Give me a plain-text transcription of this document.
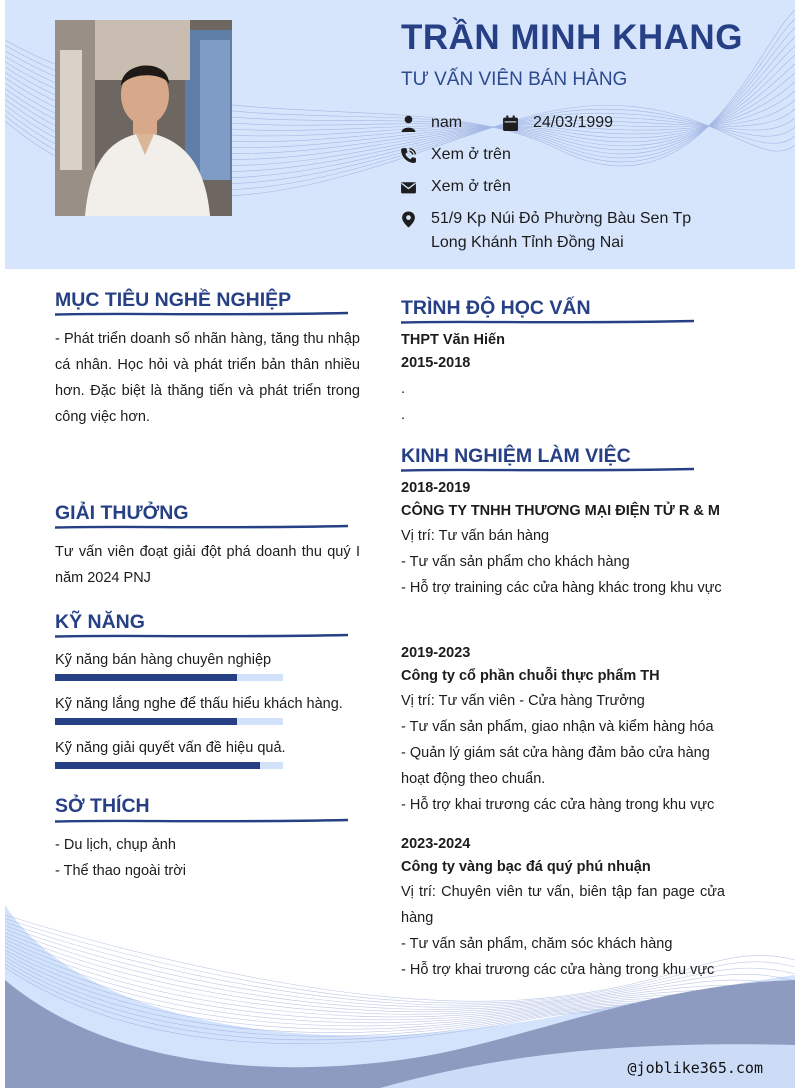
TRẦN MINH KHANG
TƯ VẤN VIÊN BÁN HÀNG
nam	24/03/1999
Xem ở trên
Xem ở trên
51/9 Kp Núi Đỏ Phường Bàu Sen Tp Long Khánh Tỉnh Đồng Nai
MỤC TIÊU NGHỀ NGHIỆP
- Phát triển doanh số nhãn hàng, tăng thu nhập cá nhân. Học hỏi và phát triển bản thân nhiều hơn. Đặc biệt là thăng tiến và phát triển trong công việc hơn.
GIẢI THƯỞNG
Tư vấn viên đoạt giải đột phá doanh thu quý I năm 2024 PNJ
KỸ NĂNG
Kỹ năng bán hàng chuyên nghiệp
Kỹ năng lắng nghe để thấu hiểu khách hàng.
Kỹ năng giải quyết vấn đề hiệu quả.
SỞ THÍCH
- Du lịch, chụp ảnh
- Thể thao ngoài trời
TRÌNH ĐỘ HỌC VẤN
THPT Văn Hiến
2015-2018
.
.
KINH NGHIỆM LÀM VIỆC
2018-2019
CÔNG TY TNHH THƯƠNG MẠI ĐIỆN TỬ R & M
Vị trí: Tư vấn bán hàng
- Tư vấn sản phẩm cho khách hàng
- Hỗ trợ training các cửa hàng khác trong khu vực
2019-2023
Công ty cổ phần chuỗi thực phẩm TH
Vị trí: Tư vấn viên - Cửa hàng Trưởng
- Tư vấn sản phẩm, giao nhận và kiểm hàng hóa
- Quản lý giám sát cửa hàng đảm bảo cửa hàng hoạt động theo chuẩn.
- Hỗ trợ khai trương các cửa hàng trong khu vực
2023-2024
Công ty vàng bạc đá quý phú nhuận
Vị trí: Chuyên viên tư vấn, biên tập fan page cửa hàng
- Tư vấn sản phẩm, chăm sóc khách hàng
- Hỗ trợ khai trương các cửa hàng trong khu vực
@joblike365.com
